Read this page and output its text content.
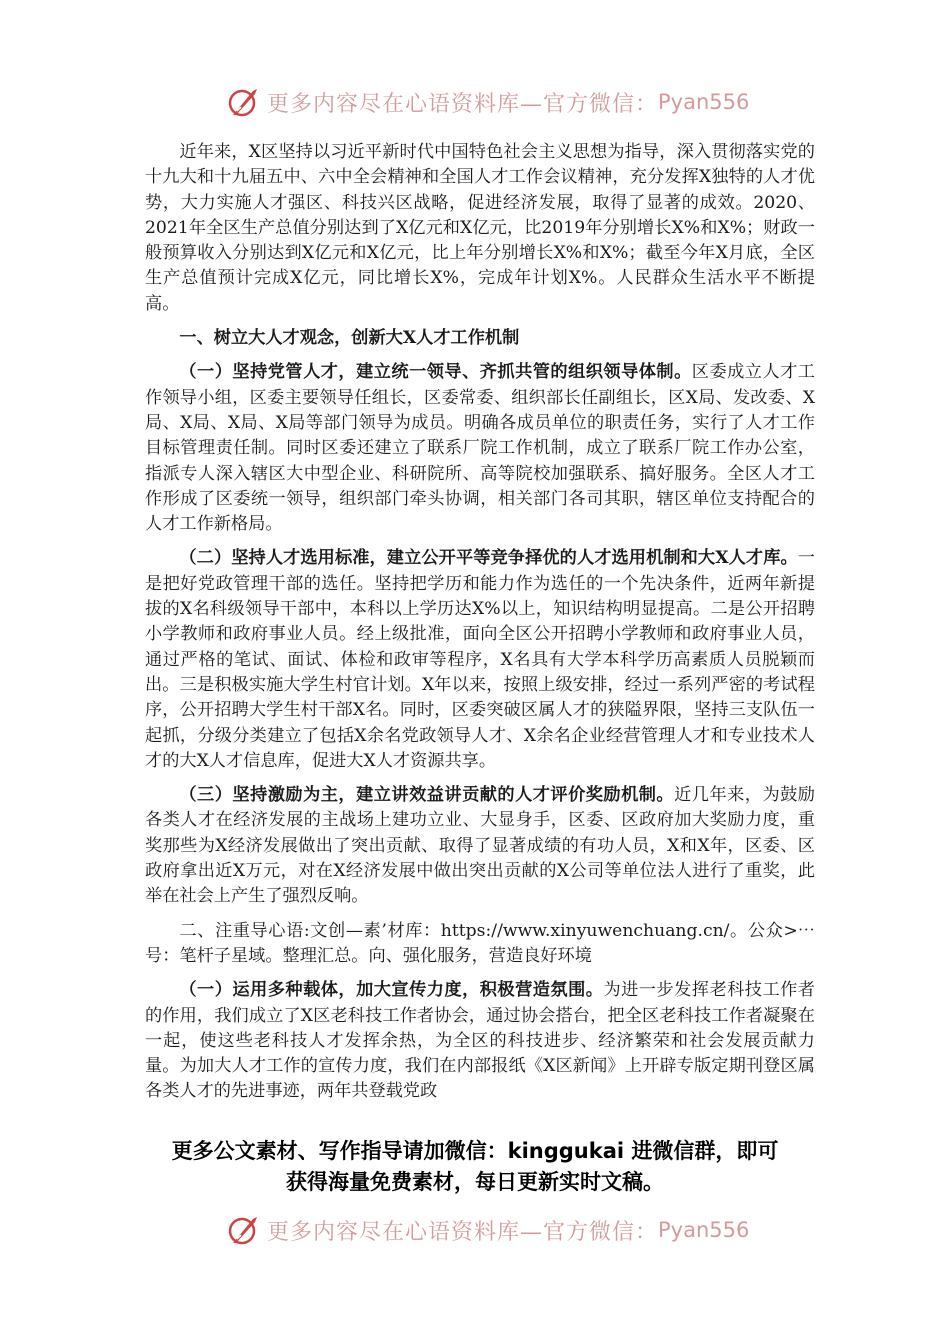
更多内容尽在心语资料库—官方微信： Pyan556

近年来，X区坚持以习近平新时代中国特色社会主义思想为指导，深入贯彻落实党的十九大和十九届五中、六中全会精神和全国人才工作会议精神，充分发挥X独特的人才优势，大力实施人才强区、科技兴区战略，促进经济发展，取得了显著的成效。2020、2021年全区生产总值分别达到了X亿元和X亿元，比2019年分别增长X%和X%；财政一般预算收入分别达到X亿元和X亿元，比上年分别增长X%和X%；截至今年X月底，全区生产总值预计完成X亿元，同比增长X%，完成年计划X%。人民群众生活水平不断提高。

一、树立大人才观念，创新大X人才工作机制

（一）坚持党管人才，建立统一领导、齐抓共管的组织领导体制。区委成立人才工作领导小组，区委主要领导任组长，区委常委、组织部长任副组长，区X局、发改委、X局、X局、X局、X局等部门领导为成员。明确各成员单位的职责任务，实行了人才工作目标管理责任制。同时区委还建立了联系厂院工作机制，成立了联系厂院工作办公室，指派专人深入辖区大中型企业、科研院所、高等院校加强联系、搞好服务。全区人才工作形成了区委统一领导，组织部门牵头协调，相关部门各司其职，辖区单位支持配合的人才工作新格局。

（二）坚持人才选用标准，建立公开平等竞争择优的人才选用机制和大X人才库。一是把好党政管理干部的选任。坚持把学历和能力作为选任的一个先决条件，近两年新提拔的X名科级领导干部中，本科以上学历达X%以上，知识结构明显提高。二是公开招聘小学教师和政府事业人员。经上级批准，面向全区公开招聘小学教师和政府事业人员，通过严格的笔试、面试、体检和政审等程序，X名具有大学本科学历高素质人员脱颖而出。三是积极实施大学生村官计划。X年以来，按照上级安排，经过一系列严密的考试程序，公开招聘大学生村干部X名。同时，区委突破区属人才的狭隘界限，坚持三支队伍一起抓，分级分类建立了包括X余名党政领导人才、X余名企业经营管理人才和专业技术人才的大X人才信息库，促进大X人才资源共享。

（三）坚持激励为主，建立讲效益讲贡献的人才评价奖励机制。近几年来，为鼓励各类人才在经济发展的主战场上建功立业、大显身手，区委、区政府加大奖励力度，重奖那些为X经济发展做出了突出贡献、取得了显著成绩的有功人员，X和X年，区委、区政府拿出近X万元，对在X经济发展中做出突出贡献的X公司等单位法人进行了重奖，此举在社会上产生了强烈反响。

二、注重导心语:文创—素’材库：https://www.xinyuwenchuang.cn/。公众>⋯号：笔杆子星域。整理汇总。向、强化服务，营造良好环境

（一）运用多种载体，加大宣传力度，积极营造氛围。为进一步发挥老科技工作者的作用，我们成立了X区老科技工作者协会，通过协会搭台，把全区老科技工作者凝聚在一起，使这些老科技人才发挥余热，为全区的科技进步、经济繁荣和社会发展贡献力量。为加大人才工作的宣传力度，我们在内部报纸《X区新闻》上开辟专版定期刊登区属各类人才的先进事迹，两年共登载党政

更多公文素材、写作指导请加微信：kinggukai 进微信群，即可
获得海量免费素材，每日更新实时文稿。
更多内容尽在心语资料库—官方微信： Pyan556
